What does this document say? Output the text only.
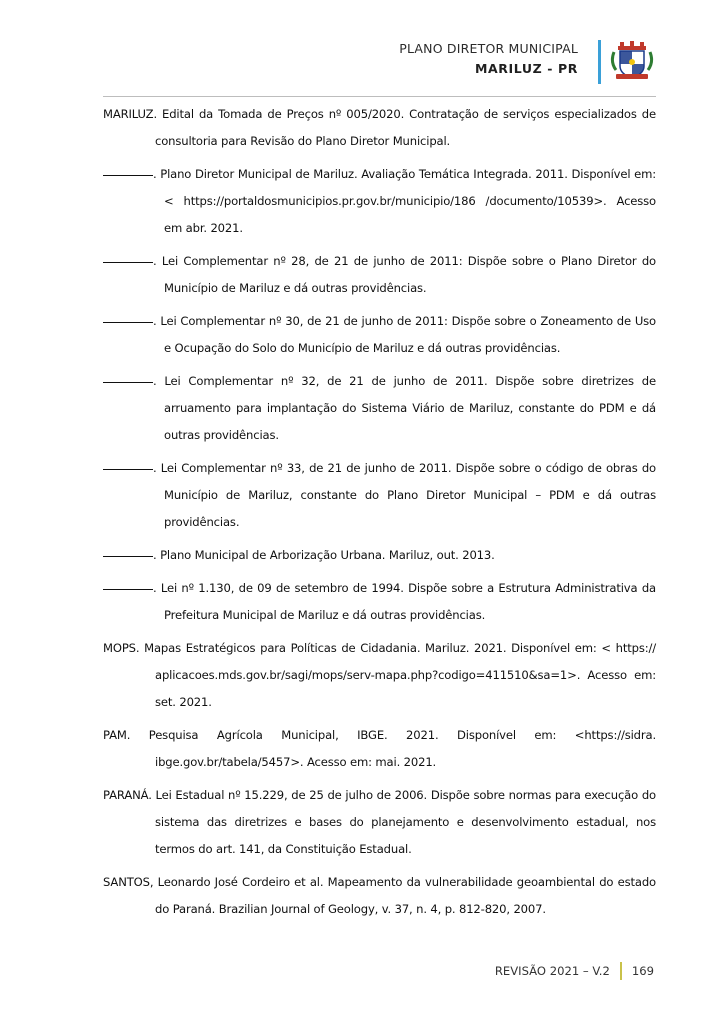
PLANO DIRETOR MUNICIPAL
MARILUZ - PR

MARILUZ. Edital da Tomada de Preços nº 005/2020. Contratação de serviços especializados de consultoria para Revisão do Plano Diretor Municipal.

. Plano Diretor Municipal de Mariluz. Avaliação Temática Integrada. 2011. Disponível em: < https://portaldosmunicipios.pr.gov.br/municipio/186 /documento/10539>. Acesso em abr. 2021.

. Lei Complementar nº 28, de 21 de junho de 2011: Dispõe sobre o Plano Diretor do Município de Mariluz e dá outras providências.

. Lei Complementar nº 30, de 21 de junho de 2011: Dispõe sobre o Zoneamento de Uso e Ocupação do Solo do Município de Mariluz e dá outras providências.

. Lei Complementar nº 32, de 21 de junho de 2011. Dispõe sobre diretrizes de arruamento para implantação do Sistema Viário de Mariluz, constante do PDM e dá outras providências.

. Lei Complementar nº 33, de 21 de junho de 2011. Dispõe sobre o código de obras do Município de Mariluz, constante do Plano Diretor Municipal – PDM e dá outras providências.

. Plano Municipal de Arborização Urbana. Mariluz, out. 2013.

. Lei nº 1.130, de 09 de setembro de 1994. Dispõe sobre a Estrutura Administrativa da Prefeitura Municipal de Mariluz e dá outras providências.

MOPS. Mapas Estratégicos para Políticas de Cidadania. Mariluz. 2021. Disponível em: < https:// aplicacoes.mds.gov.br/sagi/mops/serv-mapa.php?codigo=411510&sa=1>. Acesso em: set. 2021.

PAM. Pesquisa Agrícola Municipal, IBGE. 2021. Disponível em: <https://sidra. ibge.gov.br/tabela/5457>. Acesso em: mai. 2021.

PARANÁ. Lei Estadual nº 15.229, de 25 de julho de 2006. Dispõe sobre normas para execução do sistema das diretrizes e bases do planejamento e desenvolvimento estadual, nos termos do art. 141, da Constituição Estadual.

SANTOS, Leonardo José Cordeiro et al. Mapeamento da vulnerabilidade geoambiental do estado do Paraná. Brazilian Journal of Geology, v. 37, n. 4, p. 812-820, 2007.

REVISÃO 2021 – V.2 169
